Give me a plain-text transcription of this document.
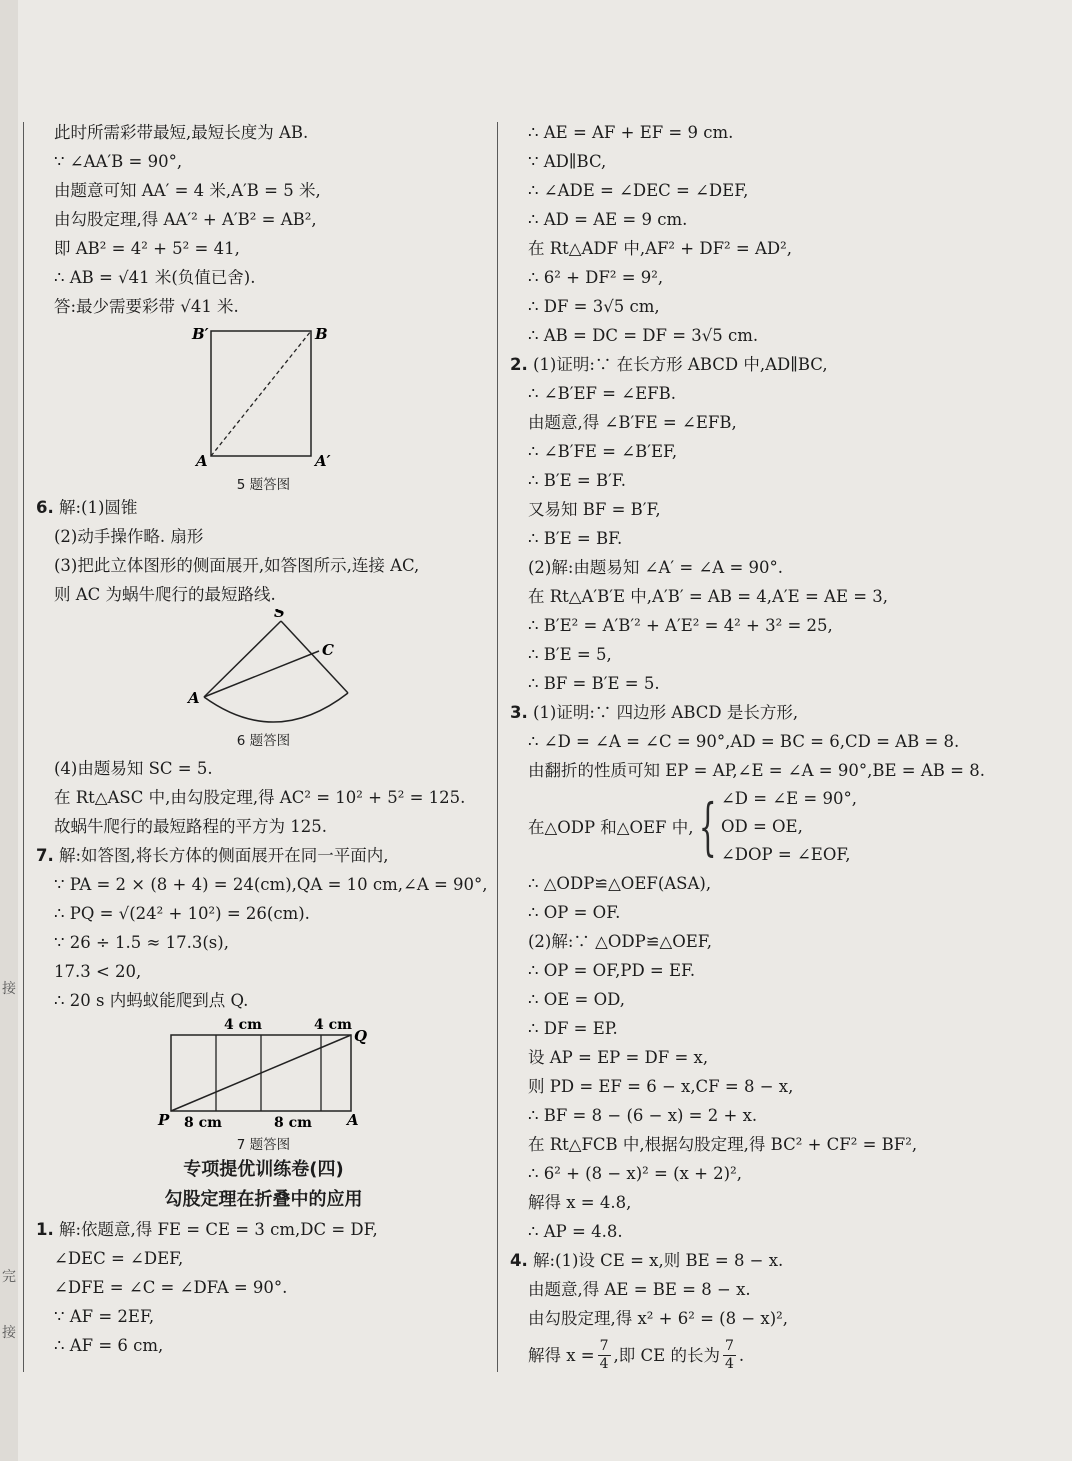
接
完
接
此时所需彩带最短,最短长度为 AB.
∵ ∠AA′B = 90°,
由题意可知 AA′ = 4 米,A′B = 5 米,
由勾股定理,得 AA′² + A′B² = AB²,
即 AB² = 4² + 5² = 41,
∴ AB = √41 米(负值已舍).
答:最少需要彩带 √41 米.
B′	B
A	A′
5 题答图
6. 解:(1)圆锥
(2)动手操作略. 扇形
(3)把此立体图形的侧面展开,如答图所示,连接 AC,
则 AC 为蜗牛爬行的最短路线.
S
C
A
6 题答图
(4)由题易知 SC = 5.
在 Rt△ASC 中,由勾股定理,得 AC² = 10² + 5² = 125.
故蜗牛爬行的最短路程的平方为 125.
7. 解:如答图,将长方体的侧面展开在同一平面内,
∵ PA = 2 × (8 + 4) = 24(cm),QA = 10 cm,∠A = 90°,
∴ PQ = √(24² + 10²) = 26(cm).
∵ 26 ÷ 1.5 ≈ 17.3(s),
17.3 < 20,
∴ 20 s 内蚂蚁能爬到点 Q.
4 cm	4 cm
Q
P 8 cm	8 cm A
7 题答图
专项提优训练卷(四)
勾股定理在折叠中的应用
1. 解:依题意,得 FE = CE = 3 cm,DC = DF,
∠DEC = ∠DEF,
∠DFE = ∠C = ∠DFA = 90°.
∵ AF = 2EF,
∴ AF = 6 cm,
∴ AE = AF + EF = 9 cm.
∵ AD∥BC,
∴ ∠ADE = ∠DEC = ∠DEF,
∴ AD = AE = 9 cm.
在 Rt△ADF 中,AF² + DF² = AD²,
∴ 6² + DF² = 9²,
∴ DF = 3√5 cm,
∴ AB = DC = DF = 3√5 cm.
2. (1)证明:∵ 在长方形 ABCD 中,AD∥BC,
∴ ∠B′EF = ∠EFB.
由题意,得 ∠B′FE = ∠EFB,
∴ ∠B′FE = ∠B′EF,
∴ B′E = B′F.
又易知 BF = B′F,
∴ B′E = BF.
(2)解:由题易知 ∠A′ = ∠A = 90°.
在 Rt△A′B′E 中,A′B′ = AB = 4,A′E = AE = 3,
∴ B′E² = A′B′² + A′E² = 4² + 3² = 25,
∴ B′E = 5,
∴ BF = B′E = 5.
3. (1)证明:∵ 四边形 ABCD 是长方形,
∴ ∠D = ∠A = ∠C = 90°,AD = BC = 6,CD = AB = 8.
由翻折的性质可知 EP = AP,∠E = ∠A = 90°,BE = AB = 8.
在△ODP 和△OEF 中, { ∠D = ∠E = 90°,
OD = OE,
∠DOP = ∠EOF,
∴ △ODP≌△OEF(ASA),
∴ OP = OF.
(2)解:∵ △ODP≌△OEF,
∴ OP = OF,PD = EF.
∴ OE = OD,
∴ DF = EP.
设 AP = EP = DF = x,
则 PD = EF = 6 − x,CF = 8 − x,
∴ BF = 8 − (6 − x) = 2 + x.
在 Rt△FCB 中,根据勾股定理,得 BC² + CF² = BF²,
∴ 6² + (8 − x)² = (x + 2)²,
解得 x = 4.8,
∴ AP = 4.8.
4. 解:(1)设 CE = x,则 BE = 8 − x.
由题意,得 AE = BE = 8 − x.
由勾股定理,得 x² + 6² = (8 − x)²,
解得 $x = \frac{7}{4}$ ,即 CE 的长为 $\frac{7}{4}$ .
